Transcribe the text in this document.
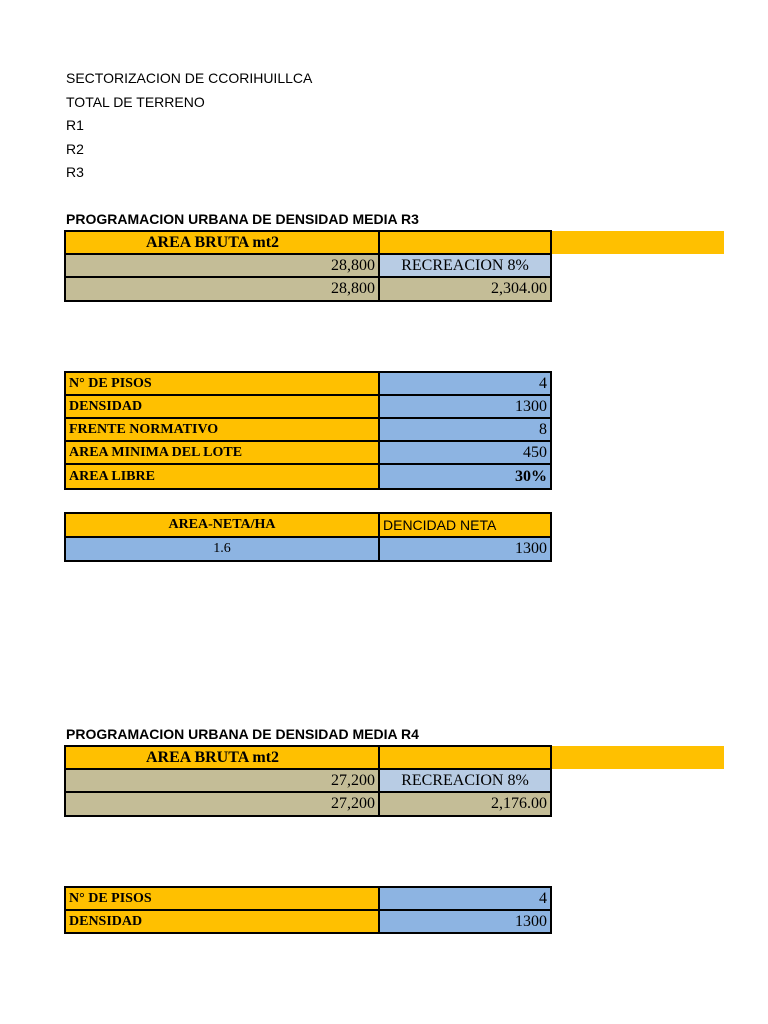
SECTORIZACION DE CCORIHUILLCA
TOTAL DE TERRENO
R1
R2
R3
PROGRAMACION URBANA DE DENSIDAD MEDIA R3
AREA BRUTA mt2
28,800	RECREACION 8%
28,800	2,304.00
N° DE PISOS	4
DENSIDAD	1300
FRENTE NORMATIVO	8
AREA MINIMA DEL LOTE	450
AREA LIBRE	30%
AREA-NETA/HA	DENCIDAD NETA
1.6	1300
PROGRAMACION URBANA DE DENSIDAD MEDIA R4
AREA BRUTA mt2
27,200	RECREACION 8%
27,200	2,176.00
N° DE PISOS	4
DENSIDAD	1300
